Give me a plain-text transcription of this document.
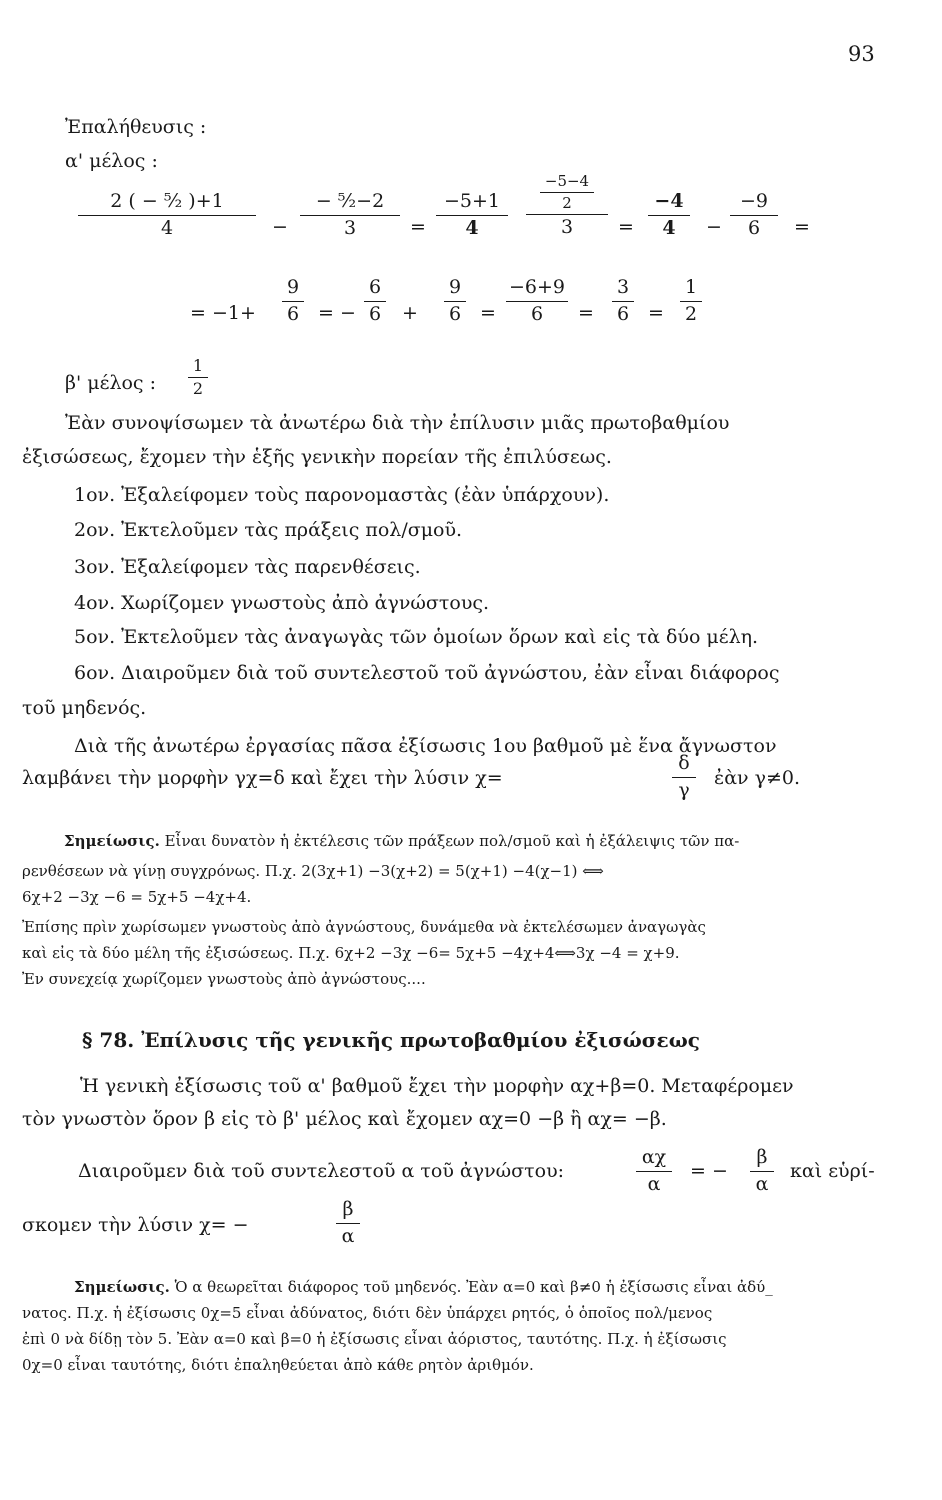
93
Ἐπαλήθευσις :
α' μέλος :
2 ( − ⁵⁄₂ )+1
4	−
− ⁵⁄₂−2
3	=
−5+1
4
−5−4
2
3	=
−4
4	−
−9
6	=
= −1+
9
6 = −
6
6 +
9
6 =
−6+9
6	=
3
6 =
1
2
β' μέλος :
1
2
Ἐὰν συνοψίσωμεν τὰ ἀνωτέρω διὰ τὴν ἐπίλυσιν μιᾶς πρωτοβαθμίου
ἐξισώσεως, ἔχομεν τὴν ἑξῆς γενικὴν πορείαν τῆς ἐπιλύσεως.
1ον. Ἐξαλείφομεν τοὺς παρονομαστὰς (ἐὰν ὑπάρχουν).
2ον. Ἐκτελοῦμεν τὰς πράξεις πολ/σμοῦ.
3ον. Ἐξαλείφομεν τὰς παρενθέσεις.
4ον. Χωρίζομεν γνωστοὺς ἀπὸ ἀγνώστους.
5ον. Ἐκτελοῦμεν τὰς ἀναγωγὰς τῶν ὁμοίων ὅρων καὶ εἰς τὰ δύο μέλη.
6ον. Διαιροῦμεν διὰ τοῦ συντελεστοῦ τοῦ ἀγνώστου, ἐὰν εἶναι διάφορος
τοῦ μηδενός.
Διὰ τῆς ἀνωτέρω ἐργασίας πᾶσα ἐξίσωσις 1ου βαθμοῦ μὲ ἕνα ἄγνωστον
λαμβάνει τὴν μορφὴν γχ=δ καὶ ἔχει τὴν λύσιν χ=
δ
γ
ἐὰν γ≠0.
Σημείωσις. Εἶναι δυνατὸν ἡ ἐκτέλεσις τῶν πράξεων πολ/σμοῦ καὶ ἡ ἐξάλειψις τῶν πα-
ρενθέσεων νὰ γίνῃ συγχρόνως. Π.χ. 2(3χ+1) −3(χ+2) = 5(χ+1) −4(χ−1) ⟺
6χ+2 −3χ −6 = 5χ+5 −4χ+4.
Ἐπίσης πρὶν χωρίσωμεν γνωστοὺς ἀπὸ ἀγνώστους, δυνάμεθα νὰ ἐκτελέσωμεν ἀναγωγὰς
καὶ εἰς τὰ δύο μέλη τῆς ἐξισώσεως. Π.χ. 6χ+2 −3χ −6= 5χ+5 −4χ+4⟺3χ −4 = χ+9.
Ἐν συνεχείᾳ χωρίζομεν γνωστοὺς ἀπὸ ἀγνώστους....
§ 78. Ἐπίλυσις τῆς γενικῆς πρωτοβαθμίου ἐξισώσεως
Ἡ γενικὴ ἐξίσωσις τοῦ α' βαθμοῦ ἔχει τὴν μορφὴν αχ+β=0. Μεταφέρομεν
τὸν γνωστὸν ὅρον β εἰς τὸ β' μέλος καὶ ἔχομεν αχ=0 −β ἢ αχ= −β.
Διαιροῦμεν διὰ τοῦ συντελεστοῦ α τοῦ ἀγνώστου:
αχ
α
= −
β
α
καὶ εὑρί-
σκομεν τὴν λύσιν χ= −
β
α
Σημείωσις. Ὁ α θεωρεῖται διάφορος τοῦ μηδενός. Ἐὰν α=0 καὶ β≠0 ἡ ἐξίσωσις εἶναι ἀδύ_
νατος. Π.χ. ἡ ἐξίσωσις 0χ=5 εἶναι ἀδύνατος, διότι δὲν ὑπάρχει ρητός, ὁ ὁποῖος πολ/μενος
ἐπὶ 0 νὰ δίδῃ τὸν 5. Ἐὰν α=0 καὶ β=0 ἡ ἐξίσωσις εἶναι ἀόριστος, ταυτότης. Π.χ. ἡ ἐξίσωσις
0χ=0 εἶναι ταυτότης, διότι ἐπαληθεύεται ἀπὸ κάθε ρητὸν ἀριθμόν.
